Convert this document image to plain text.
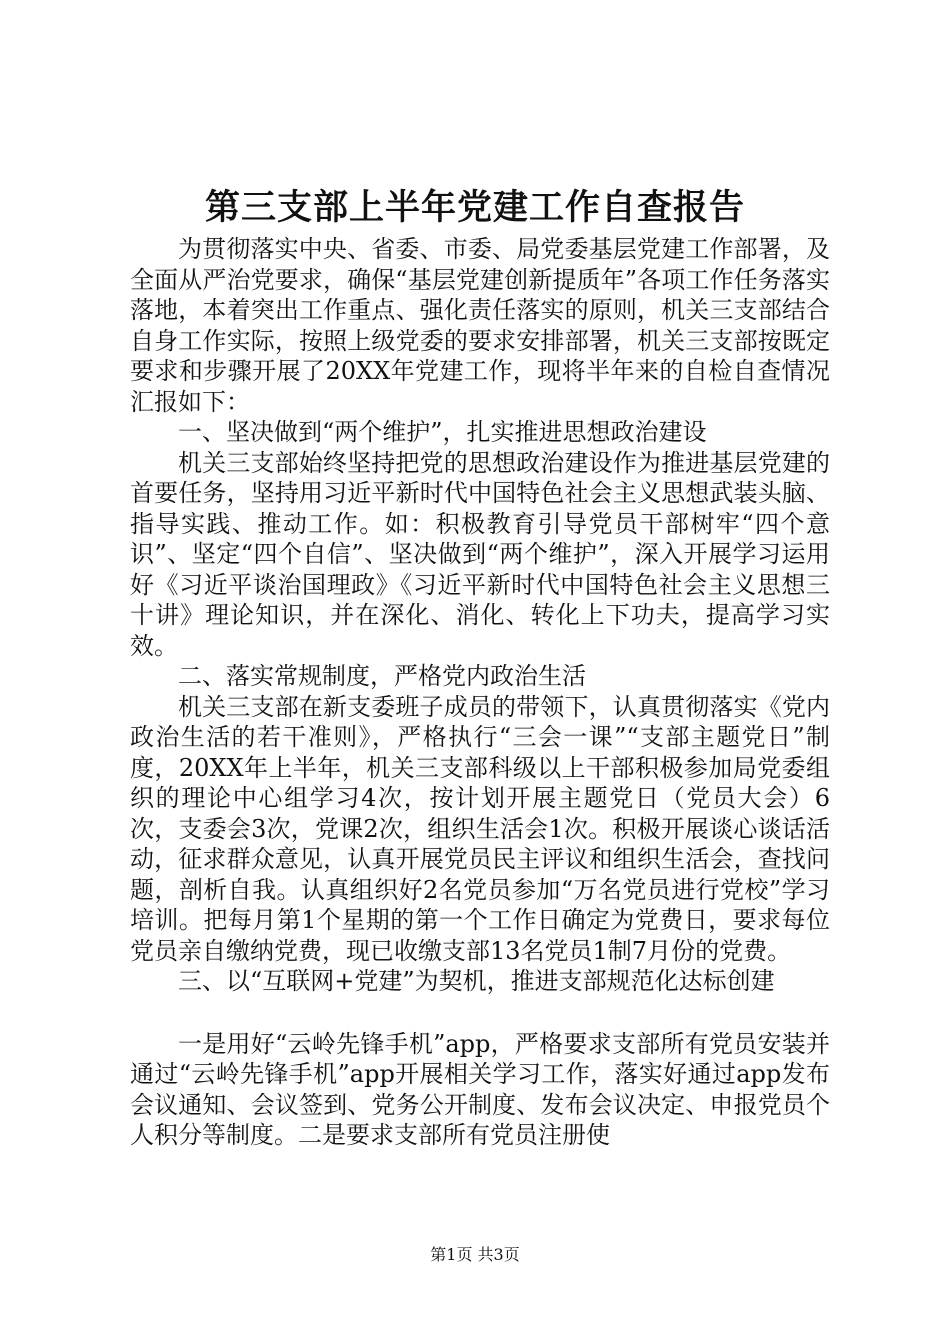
第三支部上半年党建工作自查报告

为贯彻落实中央、省委、市委、局党委基层党建工作部署，及全面从严治党要求，确保“基层党建创新提质年”各项工作任务落实落地，本着突出工作重点、强化责任落实的原则，机关三支部结合自身工作实际，按照上级党委的要求安排部署，机关三支部按既定要求和步骤开展了20XX年党建工作，现将半年来的自检自查情况汇报如下：

一、坚决做到“两个维护”，扎实推进思想政治建设

机关三支部始终坚持把党的思想政治建设作为推进基层党建的首要任务，坚持用习近平新时代中国特色社会主义思想武装头脑、指导实践、推动工作。如：积极教育引导党员干部树牢“四个意识”、坚定“四个自信”、坚决做到“两个维护”，深入开展学习运用好《习近平谈治国理政》《习近平新时代中国特色社会主义思想三十讲》理论知识，并在深化、消化、转化上下功夫，提高学习实效。

二、落实常规制度，严格党内政治生活

机关三支部在新支委班子成员的带领下，认真贯彻落实《党内政治生活的若干准则》，严格执行“三会一课”“支部主题党日”制度，20XX年上半年，机关三支部科级以上干部积极参加局党委组织的理论中心组学习4次，按计划开展主题党日（党员大会）6次，支委会3次，党课2次，组织生活会1次。积极开展谈心谈话活动，征求群众意见，认真开展党员民主评议和组织生活会，查找问题，剖析自我。认真组织好2名党员参加“万名党员进行党校”学习培训。把每月第1个星期的第一个工作日确定为党费日，要求每位党员亲自缴纳党费，现已收缴支部13名党员1制7月份的党费。

三、以“互联网+党建”为契机，推进支部规范化达标创建

一是用好“云岭先锋手机”app，严格要求支部所有党员安装并通过“云岭先锋手机”app开展相关学习工作，落实好通过app发布会议通知、会议签到、党务公开制度、发布会议决定、申报党员个人积分等制度。二是要求支部所有党员注册使

第1页 共3页
